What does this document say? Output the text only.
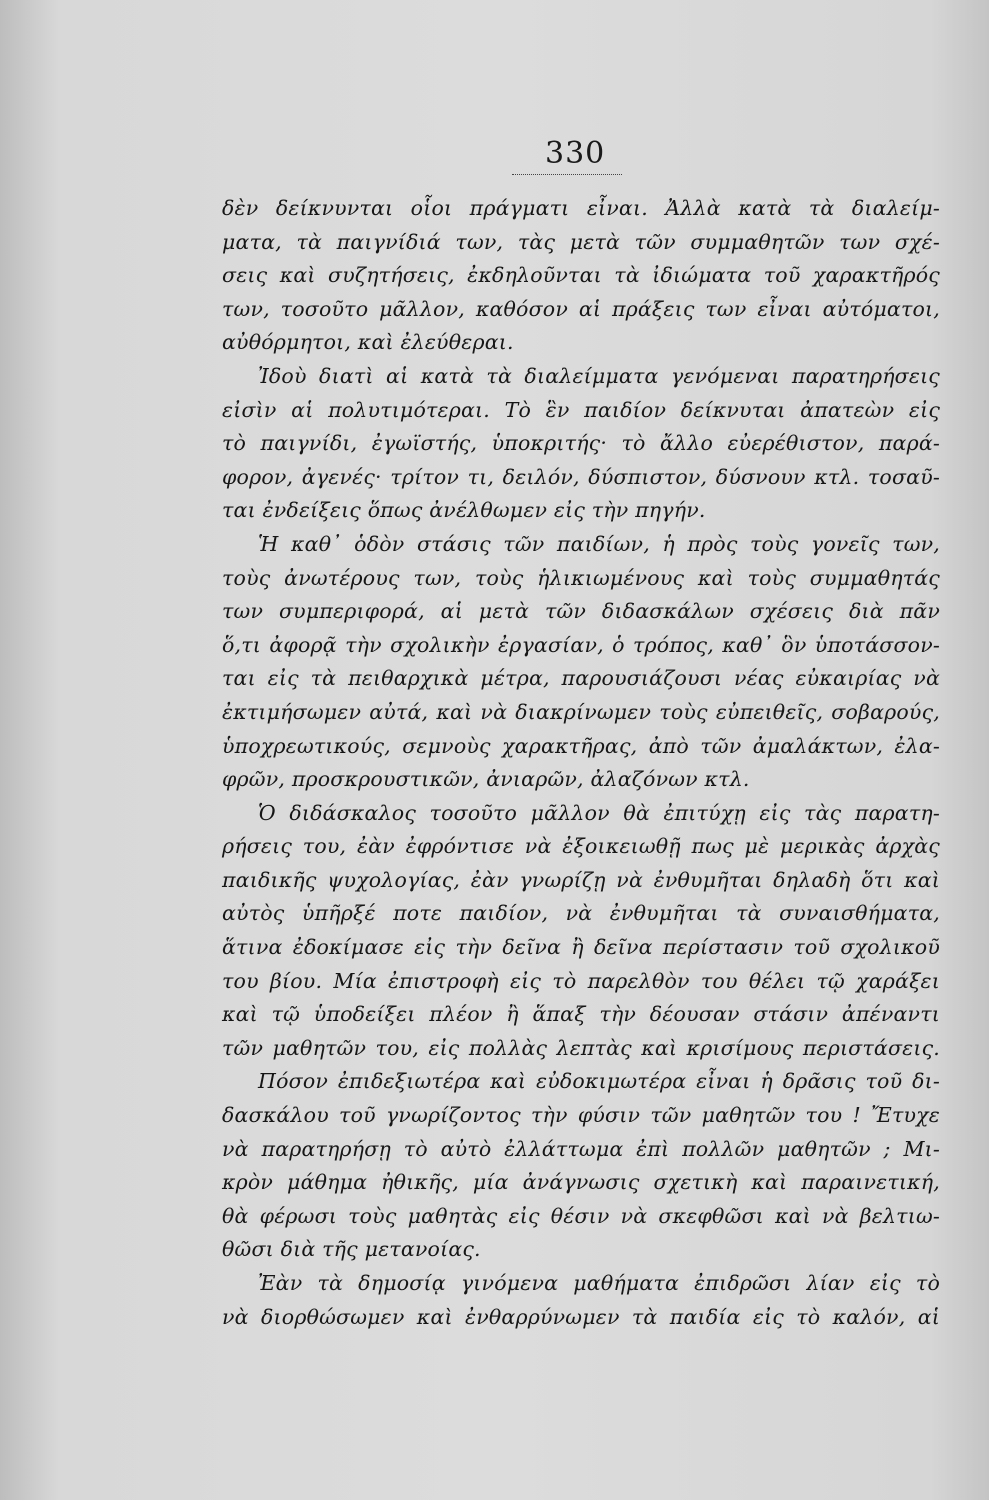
330
δὲν δείκνυνται οἷοι πράγματι εἶναι. Ἀλλὰ κατὰ τὰ διαλείμ-
ματα, τὰ παιγνίδιά των, τὰς μετὰ τῶν συμμαθητῶν των σχέ-
σεις καὶ συζητήσεις, ἐκδηλοῦνται τὰ ἰδιώματα τοῦ χαρακτῆρός
των, τοσοῦτο μᾶλλον, καθόσον αἱ πράξεις των εἶναι αὐτόματοι,
αὐθόρμητοι, καὶ ἐλεύθεραι.
Ἰδοὺ διατὶ αἱ κατὰ τὰ διαλείμματα γενόμεναι παρατηρήσεις
εἰσὶν αἱ πολυτιμότεραι. Τὸ ἓν παιδίον δείκνυται ἀπατεὼν εἰς
τὸ παιγνίδι, ἐγωϊστής, ὑποκριτής· τὸ ἄλλο εὐερέθιστον, παρά-
φορον, ἀγενές· τρίτον τι, δειλόν, δύσπιστον, δύσνουν κτλ. τοσαῦ-
ται ἐνδείξεις ὅπως ἀνέλθωμεν εἰς τὴν πηγήν.
Ἡ καθ᾽ ὁδὸν στάσις τῶν παιδίων, ἡ πρὸς τοὺς γονεῖς των,
τοὺς ἀνωτέρους των, τοὺς ἡλικιωμένους καὶ τοὺς συμμαθητάς
των συμπεριφορά, αἱ μετὰ τῶν διδασκάλων σχέσεις διὰ πᾶν
ὅ,τι ἀφορᾷ τὴν σχολικὴν ἐργασίαν, ὁ τρόπος, καθ᾽ ὃν ὑποτάσσον-
ται εἰς τὰ πειθαρχικὰ μέτρα, παρουσιάζουσι νέας εὐκαιρίας νὰ
ἐκτιμήσωμεν αὐτά, καὶ νὰ διακρίνωμεν τοὺς εὐπειθεῖς, σοβαρούς,
ὑποχρεωτικούς, σεμνοὺς χαρακτῆρας, ἀπὸ τῶν ἀμαλάκτων, ἐλα-
φρῶν, προσκρουστικῶν, ἀνιαρῶν, ἀλαζόνων κτλ.
Ὁ διδάσκαλος τοσοῦτο μᾶλλον θὰ ἐπιτύχῃ εἰς τὰς παρατη-
ρήσεις του, ἐὰν ἐφρόντισε νὰ ἐξοικειωθῇ πως μὲ μερικὰς ἀρχὰς
παιδικῆς ψυχολογίας, ἐὰν γνωρίζῃ νὰ ἐνθυμῆται δηλαδὴ ὅτι καὶ
αὐτὸς ὑπῆρξέ ποτε παιδίον, νὰ ἐνθυμῆται τὰ συναισθήματα,
ἅτινα ἐδοκίμασε εἰς τὴν δεῖνα ἢ δεῖνα περίστασιν τοῦ σχολικοῦ
του βίου. Μία ἐπιστροφὴ εἰς τὸ παρελθὸν του θέλει τῷ χαράξει
καὶ τῷ ὑποδείξει πλέον ἢ ἅπαξ τὴν δέουσαν στάσιν ἀπέναντι
τῶν μαθητῶν του, εἰς πολλὰς λεπτὰς καὶ κρισίμους περιστάσεις.
Πόσον ἐπιδεξιωτέρα καὶ εὐδοκιμωτέρα εἶναι ἡ δρᾶσις τοῦ δι-
δασκάλου τοῦ γνωρίζοντος τὴν φύσιν τῶν μαθητῶν του ! Ἔτυχε
νὰ παρατηρήσῃ τὸ αὐτὸ ἐλλάττωμα ἐπὶ πολλῶν μαθητῶν ; Μι-
κρὸν μάθημα ἠθικῆς, μία ἀνάγνωσις σχετικὴ καὶ παραινετική,
θὰ φέρωσι τοὺς μαθητὰς εἰς θέσιν νὰ σκεφθῶσι καὶ νὰ βελτιω-
θῶσι διὰ τῆς μετανοίας.
Ἐὰν τὰ δημοσίᾳ γινόμενα μαθήματα ἐπιδρῶσι λίαν εἰς τὸ
νὰ διορθώσωμεν καὶ ἐνθαρρύνωμεν τὰ παιδία εἰς τὸ καλόν, αἱ
